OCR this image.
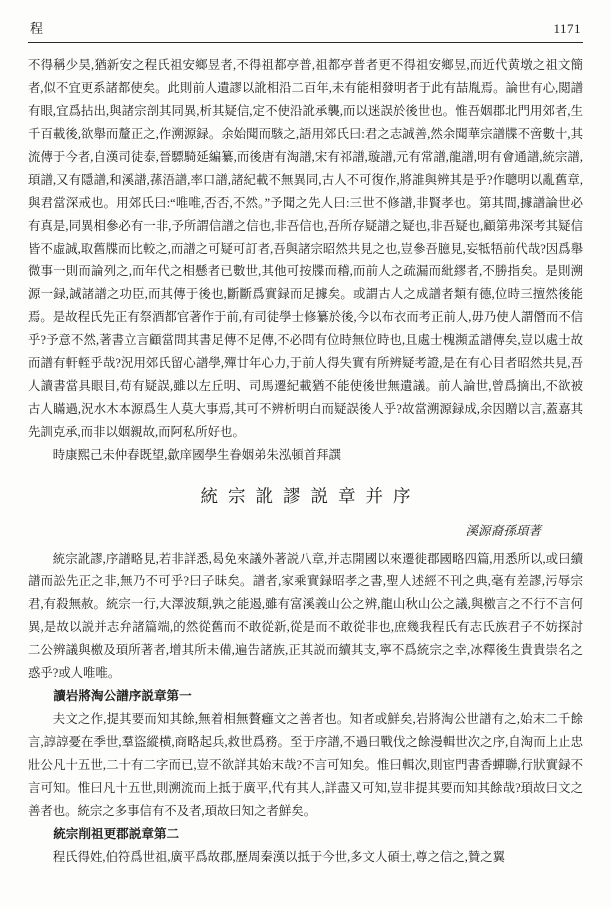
程	1171

不得稱少昊,猶新安之程氏祖安鄉昱者,不得祖都亭普,祖都亭普者更不得祖安鄉昱,而近代黄墩之祖文簡者,似不宜更系諸都使矣。此則前人遺謬以訛相沿二百年,未有能相發明者于此有喆胤焉。論世有心,閲譜有眼,宜爲拈出,與諸宗剖其同異,析其疑信,定不使沿訛承襲,而以迷誤於後世也。惟吾姻郡北門用郊者,生千百載後,欲舉而釐正之,作溯源録。余始聞而駭之,語用郊氏曰:君之志誠善,然余聞華宗譜牒不啻數十,其流傳于今者,自漢司徒泰,晉驃騎延編纂,而後唐有淘譜,宋有祁譜,璇譜,元有常譜,龍譜,明有會通譜,統宗譜,頊譜,又有隱譜,和溪譜,蓀浯譜,率口譜,諸紀載不無異同,古人不可復作,將誰與辨其是乎?作聰明以亂舊章,與君當深戒也。用郊氏曰:“唯唯,否否,不然。”予聞之先人曰:三世不修譜,非賢孝也。第其間,據譜論世必有真是,同異相參必有一非,予所謂信譜之信也,非吾信也,吾所存疑譜之疑也,非吾疑也,顧第弗深考其疑信皆不虛誠,取舊牒而比較之,而譜之可疑可訂者,吾與諸宗昭然共見之也,豈參吾臆見,妄牴牾前代哉?因爲舉微事一則而論列之,而年代之相懸者已數世,其他可按牒而稽,而前人之疏漏而紕繆者,不勝指矣。是則溯源一録,誠諸譜之功臣,而其傳于後也,斷斷爲實録而足據矣。或謂古人之成譜者類有德,位時三擅然後能焉。是故程氏先正有祭酒都官著作于前,有司徒學士修纂於後,今以布衣而考正前人,毋乃使人謂僭而不信乎?予意不然,著書立言顧當問其書足傳不足傳,不必問有位時無位時也,且處士槐瀕孟譜傳矣,豈以處士故而譜有軒輊乎哉?況用郊氏留心譜學,殫廿年心力,于前人得失實有所辨疑考證,是在有心目者昭然共見,吾人讀書當具眼目,苟有疑誤,雖以左丘明、司馬遷紀載猶不能使後世無遺議。前人論世,曾爲摘出,不欲被古人瞞過,況水木本源爲生人莫大事焉,其可不辨析明白而疑誤後人乎?故當溯源録成,余因贈以言,蓋嘉其先訓克承,而非以姻親故,而阿私所好也。

時康熙己未仲春既望,歙庠國學生眷姻弟朱泓頓首拜譔

統宗訛謬説章并序

溪源裔孫頊著

統宗訛謬,序譜略見,若非詳悉,曷免來議外著説八章,并志開國以來遷徙郡國略四篇,用悉所以,或曰續譜而訟先正之非,無乃不可乎?曰子昧矣。譜者,家乘實録昭孝之書,聖人述經不刊之典,毫有差謬,污辱宗君,有殺無赦。統宗一行,大澤波頽,孰之能遏,雖有富溪義山公之辨,龍山秋山公之議,與檄言之不行不言何異,是故以説并志弁諸篇端,的然從舊而不敢從新,從是而不敢從非也,庶幾我程氏有志氏族君子不妨探討二公辨議與檄及頊所著者,增其所未備,遍告諸族,正其説而續其支,寧不爲統宗之幸,冰釋後生貴貴崇名之惑乎?或人唯唯。

讀岩將淘公譜序説章第一

夫文之作,提其要而知其餘,無着相無贅癰文之善者也。知者或鮮矣,岩將淘公世譜有之,始末二千餘言,諄諄憂在季世,羣盜縱横,商略起兵,救世爲務。至于序譜,不過曰戰伐之餘漫輯世次之序,自淘而上止忠壯公凡十五世,二十有二字而已,豈不欲詳其始末哉?不言可知矣。惟曰輯次,則宦門書香蟬聯,行狀實録不言可知。惟曰凡十五世,則溯流而上抵于廣平,代有其人,詳盡又可知,豈非提其要而知其餘哉?頊故曰文之善者也。統宗之多事信有不及者,頊故曰知之者鮮矣。

統宗削祖更郡説章第二

程氏得姓,伯符爲世祖,廣平爲故郡,歷周秦漢以抵于今世,多文人碩士,尊之信之,贊之翼
